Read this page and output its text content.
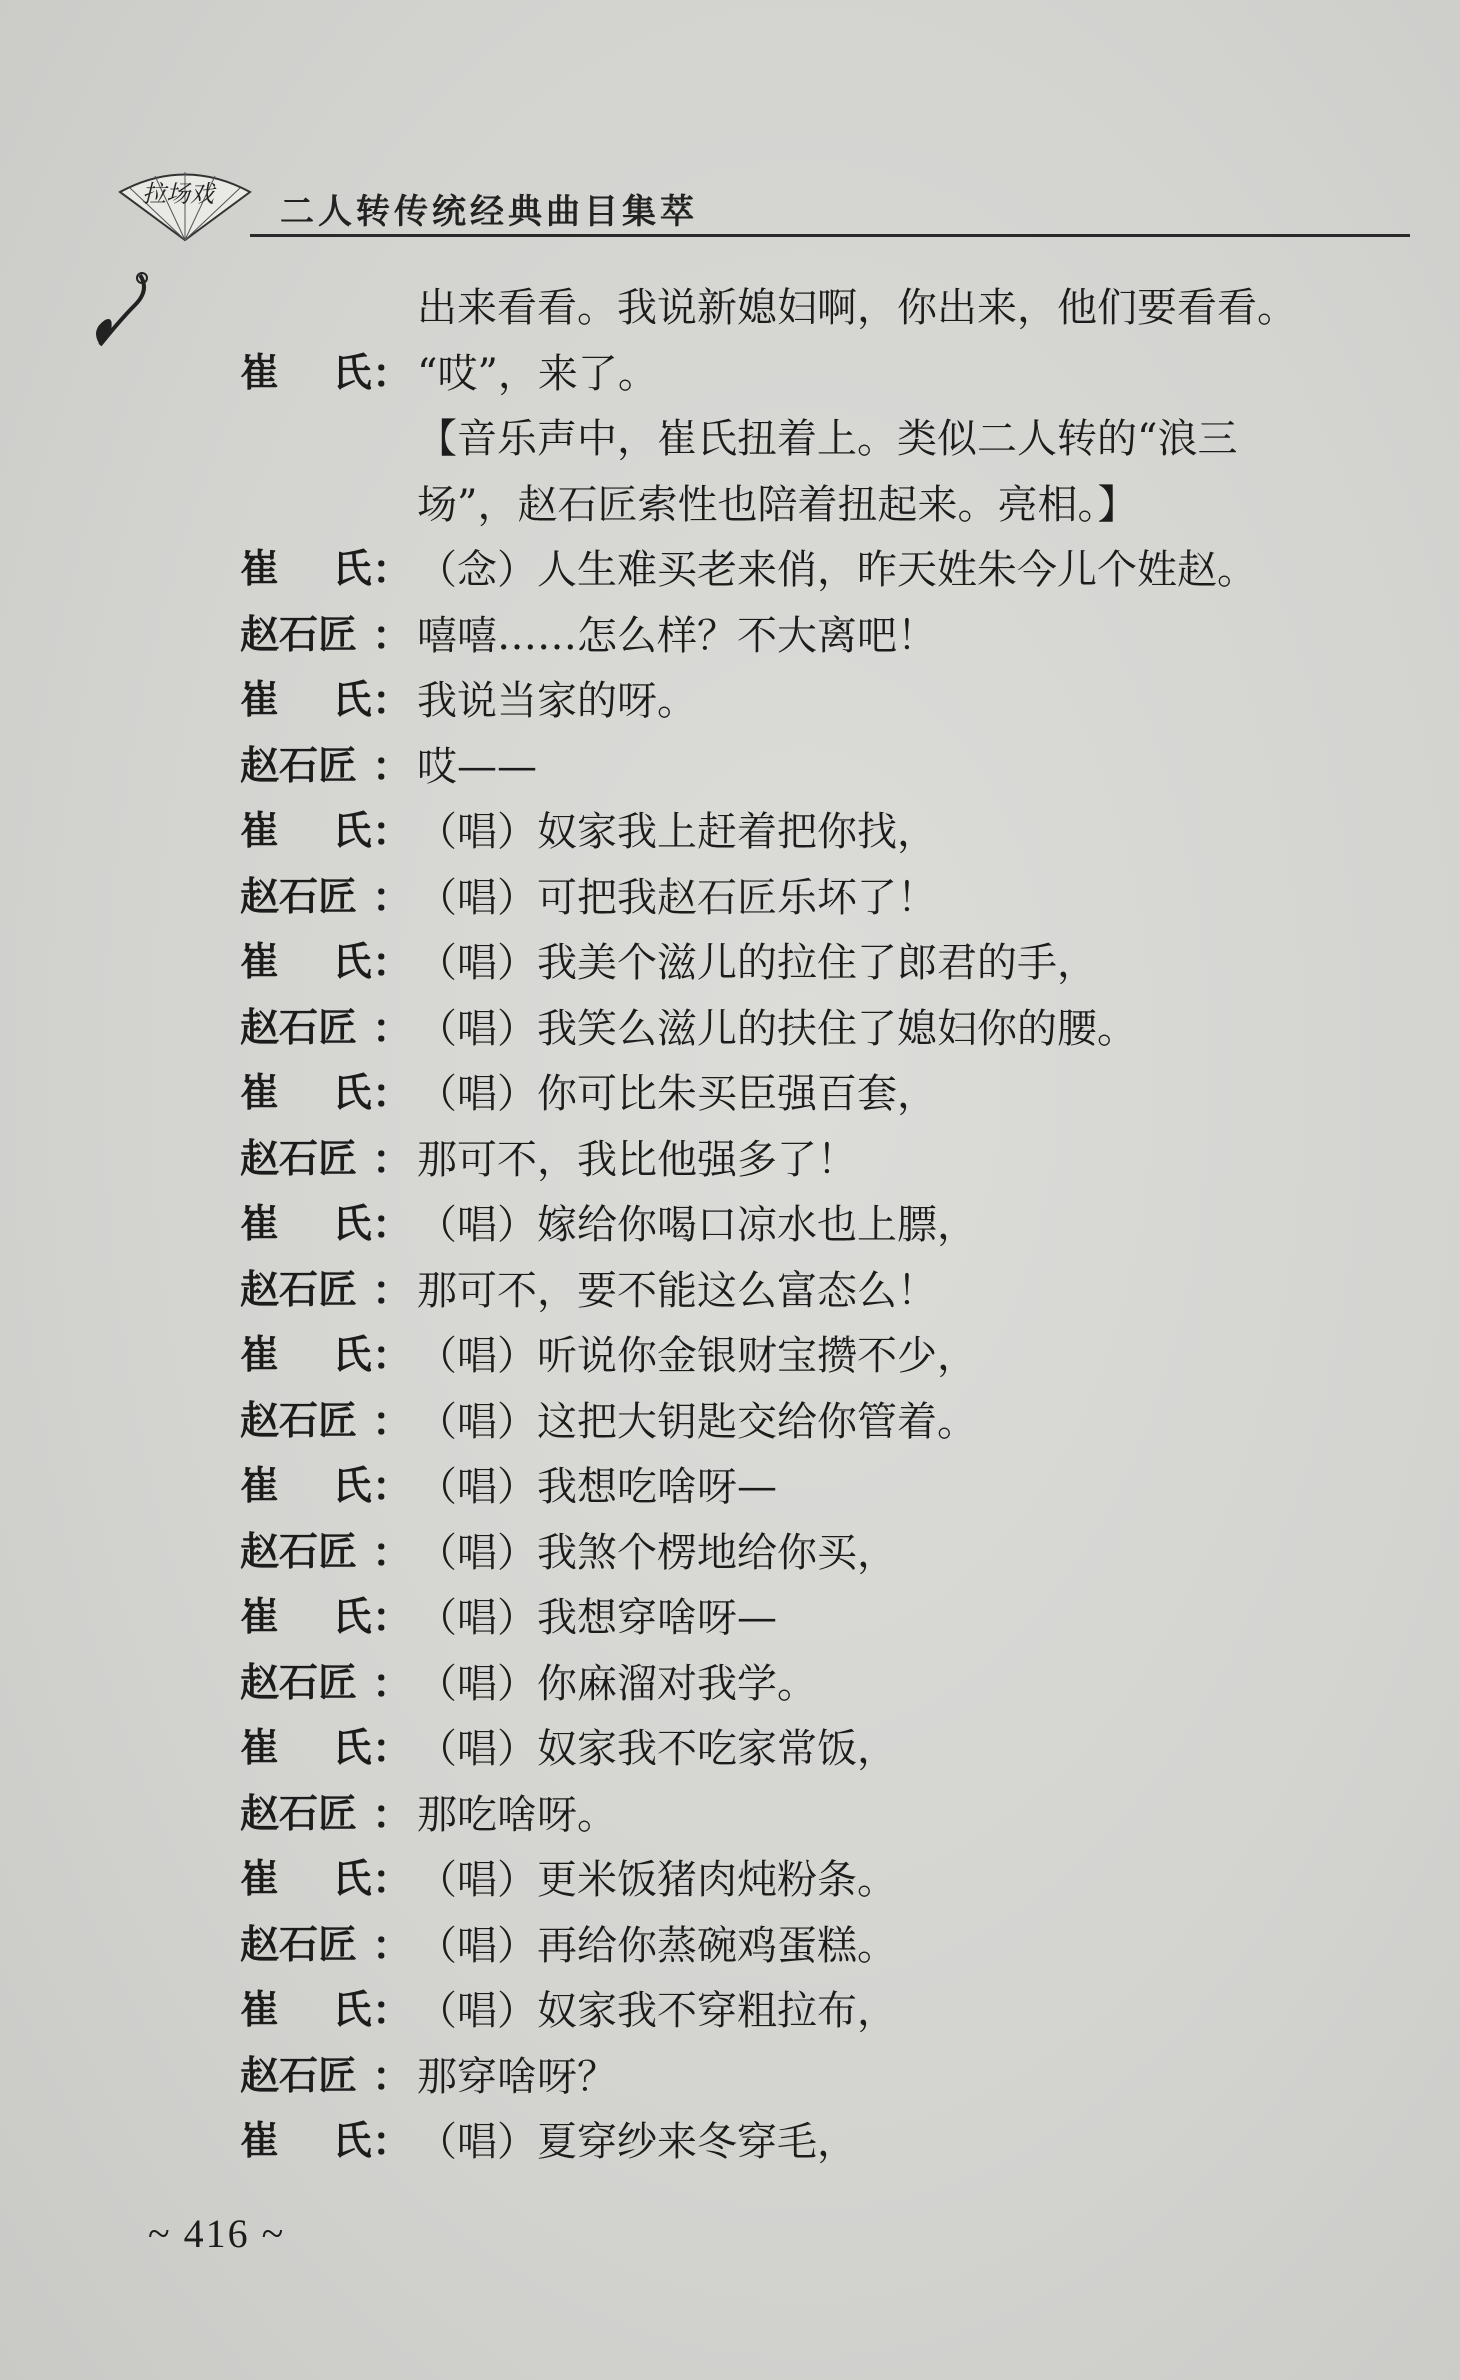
拉场戏 二人转传统经典曲目集萃
出来看看。我说新媳妇啊，你出来，他们要看看。
崔 氏 ： “哎”，来了。
【音乐声中，崔氏扭着上。类似二人转的“浪三
场”，赵石匠索性也陪着扭起来。亮相。】
崔 氏 ： （念）人生难买老来俏，昨天姓朱今儿个姓赵。
赵石匠 ： 嘻嘻……怎么样？不大离吧！
崔 氏 ： 我说当家的呀。
赵石匠 ： 哎——
崔 氏 ： （唱）奴家我上赶着把你找，
赵石匠 ： （唱）可把我赵石匠乐坏了！
崔 氏 ： （唱）我美个滋儿的拉住了郎君的手，
赵石匠 ： （唱）我笑么滋儿的扶住了媳妇你的腰。
崔 氏 ： （唱）你可比朱买臣强百套，
赵石匠 ： 那可不，我比他强多了！
崔 氏 ： （唱）嫁给你喝口凉水也上膘，
赵石匠 ： 那可不，要不能这么富态么！
崔 氏 ： （唱）听说你金银财宝攒不少，
赵石匠 ： （唱）这把大钥匙交给你管着。
崔 氏 ： （唱）我想吃啥呀—
赵石匠 ： （唱）我煞个楞地给你买，
崔 氏 ： （唱）我想穿啥呀—
赵石匠 ： （唱）你麻溜对我学。
崔 氏 ： （唱）奴家我不吃家常饭，
赵石匠 ： 那吃啥呀。
崔 氏 ： （唱）更米饭猪肉炖粉条。
赵石匠 ： （唱）再给你蒸碗鸡蛋糕。
崔 氏 ： （唱）奴家我不穿粗拉布，
赵石匠 ： 那穿啥呀？
崔 氏 ： （唱）夏穿纱来冬穿毛，
~ 416 ~
